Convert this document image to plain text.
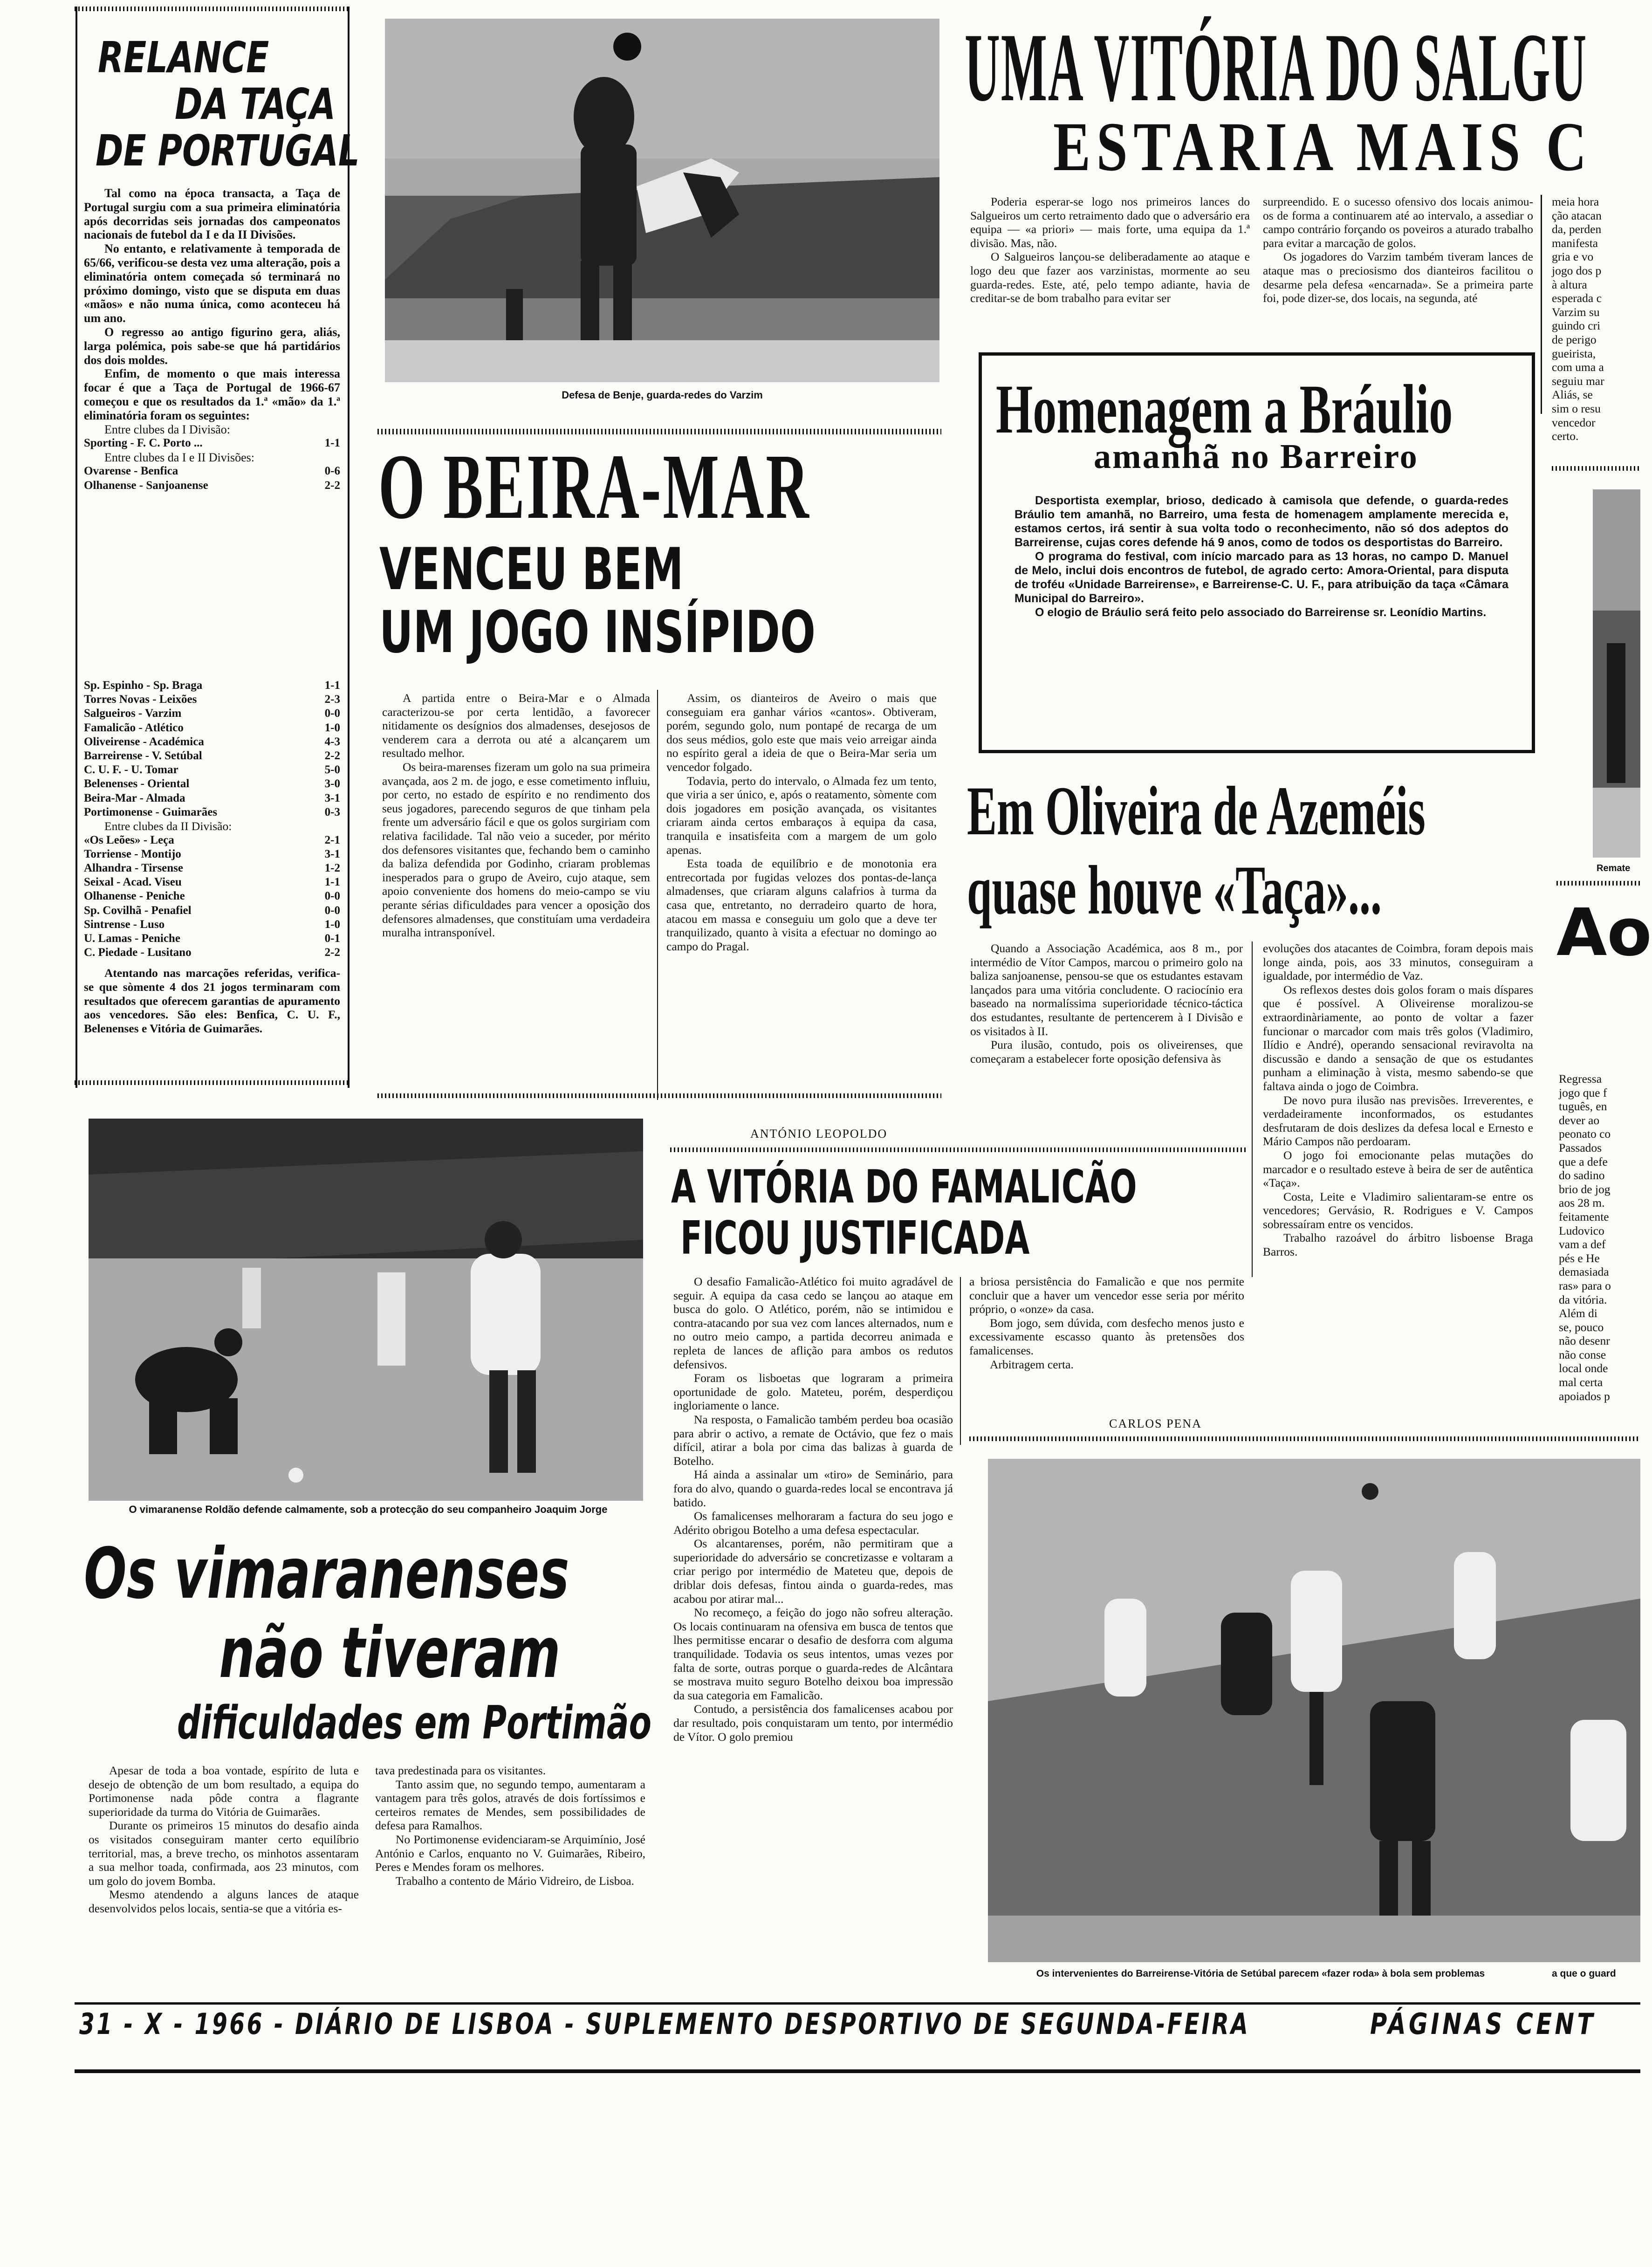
RELANCE
DA TAÇA
DE PORTUGAL

Tal como na época transacta, a Taça de Portugal surgiu com a sua primeira eliminatória após decorridas seis jornadas dos campeonatos nacionais de futebol da I e da II Divisões.

No entanto, e relativamente à temporada de 65/66, verificou-se desta vez uma alteração, pois a eliminatória ontem começada só terminará no próximo domingo, visto que se disputa em duas «mãos» e não numa única, como aconteceu há um ano.

O regresso ao antigo figurino gera, aliás, larga polémica, pois sabe-se que há partidários dos dois moldes.

Enfim, de momento o que mais interessa focar é que a Taça de Portugal de 1966-67 começou e que os resultados da 1.ª «mão» da 1.ª eliminatória foram os seguintes:

Entre clubes da I Divisão:

Sporting - F. C. Porto ...	1-1

Entre clubes da I e II Divisões:

Ovarense - Benfica	0-6
Olhanense - Sanjoanense	2-2
Sp. Espinho - Sp. Braga	1-1
Torres Novas - Leixões	2-3
Salgueiros - Varzim	0-0
Famalicão - Atlético	1-0
Oliveirense - Académica	4-3
Barreirense - V. Setúbal	2-2
C. U. F. - U. Tomar	5-0
Belenenses - Oriental	3-0
Beira-Mar - Almada	3-1
Portimonense - Guimarães	0-3

Entre clubes da II Divisão:

«Os Leões» - Leça	2-1
Torriense - Montijo	3-1
Alhandra - Tirsense	1-2
Seixal - Acad. Viseu	1-1
Olhanense - Peniche	0-0
Sp. Covilhã - Penafiel	0-0
Sintrense - Luso	1-0
U. Lamas - Peniche	0-1
C. Piedade - Lusitano	2-2

Atentando nas marcações referidas, verifica-se que sòmente 4 dos 21 jogos terminaram com resultados que oferecem garantias de apuramento aos vencedores. São eles: Benfica, C. U. F., Belenenses e Vitória de Guimarães.

Defesa de Benje, guarda-redes do Varzim
O BEIRA-MAR
VENCEU BEM
UM JOGO INSÍPIDO

A partida entre o Beira-Mar e o Almada caracterizou-se por certa lentidão, a favorecer nitidamente os desígnios dos almadenses, desejosos de venderem cara a derrota ou até a alcançarem um resultado melhor.

Os beira-marenses fizeram um golo na sua primeira avançada, aos 2 m. de jogo, e esse cometimento influiu, por certo, no estado de espírito e no rendimento dos seus jogadores, parecendo seguros de que tinham pela frente um adversário fácil e que os golos surgiriam com relativa facilidade. Tal não veio a suceder, por mérito dos defensores visitantes que, fechando bem o caminho da baliza defendida por Godinho, criaram problemas inesperados para o grupo de Aveiro, cujo ataque, sem apoio conveniente dos homens do meio-campo se viu perante sérias dificuldades para vencer a oposição dos defensores almadenses, que constituíam uma verdadeira muralha intransponível.

Assim, os dianteiros de Aveiro o mais que conseguiam era ganhar vários «cantos». Obtiveram, porém, segundo golo, num pontapé de recarga de um dos seus médios, golo este que mais veio arreigar ainda no espírito geral a ideia de que o Beira-Mar seria um vencedor folgado.

Todavia, perto do intervalo, o Almada fez um tento, que viria a ser único, e, após o reatamento, sòmente com dois jogadores em posição avançada, os visitantes criaram ainda certos embaraços à equipa da casa, tranquila e insatisfeita com a margem de um golo apenas.

Esta toada de equilíbrio e de monotonia era entrecortada por fugidas velozes dos pontas-de-lança almadenses, que criaram alguns calafrios à turma da casa que, entretanto, no derradeiro quarto de hora, atacou em massa e conseguiu um golo que a deve ter tranquilizado, quanto à visita a efectuar no domingo ao campo do Pragal.

ANTÓNIO LEOPOLDO
UMA VITÓRIA DO SALGU
ESTARIA MAIS C

Poderia esperar-se logo nos primeiros lances do Salgueiros um certo retraimento dado que o adversário era equipa — «a priori» — mais forte, uma equipa da 1.ª divisão. Mas, não.

O Salgueiros lançou-se deliberadamente ao ataque e logo deu que fazer aos varzinistas, mormente ao seu guarda-redes. Este, até, pelo tempo adiante, havia de creditar-se de bom trabalho para evitar ser

surpreendido. E o sucesso ofensivo dos locais animou-os de forma a continuarem até ao intervalo, a assediar o campo contrário forçando os poveiros a aturado trabalho para evitar a marcação de golos.

Os jogadores do Varzim também tiveram lances de ataque mas o preciosismo dos dianteiros facilitou o desarme pela defesa «encarnada». Se a primeira parte foi, pode dizer-se, dos locais, na segunda, até

meia hora
ção atacan
da, perden
manifesta
gria e vo
jogo dos p
à altura
esperada c
Varzim su
guindo cri
de perigo
gueirista,
com uma a
seguiu mar
Aliás, se
sim o resu
vencedor
certo.
Homenagem a Bráulio
amanhã no Barreiro

Desportista exemplar, brioso, dedicado à camisola que defende, o guarda-redes Bráulio tem amanhã, no Barreiro, uma festa de homenagem amplamente merecida e, estamos certos, irá sentir à sua volta todo o reconhecimento, não só dos adeptos do Barreirense, cujas cores defende há 9 anos, como de todos os desportistas do Barreiro.

O programa do festival, com início marcado para as 13 horas, no campo D. Manuel de Melo, inclui dois encontros de futebol, de agrado certo: Amora-Oriental, para disputa de troféu «Unidade Barreirense», e Barreirense-C. U. F., para atribuição da taça «Câmara Municipal do Barreiro».

O elogio de Bráulio será feito pelo associado do Barreirense sr. Leonídio Martins.

Em Oliveira de Azeméis
quase houve «Taça»...

Quando a Associação Académica, aos 8 m., por intermédio de Vítor Campos, marcou o primeiro golo na baliza sanjoanense, pensou-se que os estudantes estavam lançados para uma vitória concludente. O raciocínio era baseado na normalíssima superioridade técnico-táctica dos estudantes, resultante de pertencerem à I Divisão e os visitados à II.

Pura ilusão, contudo, pois os oliveirenses, que começaram a estabelecer forte oposição defensiva às

evoluções dos atacantes de Coimbra, foram depois mais longe ainda, pois, aos 33 minutos, conseguiram a igualdade, por intermédio de Vaz.

Os reflexos destes dois golos foram o mais díspares que é possível. A Oliveirense moralizou-se extraordinàriamente, ao ponto de voltar a fazer funcionar o marcador com mais três golos (Vladimiro, Ilídio e André), operando sensacional reviravolta na discussão e dando a sensação de que os estudantes punham a eliminação à vista, mesmo sabendo-se que faltava ainda o jogo de Coimbra.

De novo pura ilusão nas previsões. Irreverentes, e verdadeiramente inconformados, os estudantes desfrutaram de dois deslizes da defesa local e Ernesto e Mário Campos não perdoaram.

O jogo foi emocionante pelas mutações do marcador e o resultado esteve à beira de ser de autêntica «Taça».

Costa, Leite e Vladimiro salientaram-se entre os vencedores; Gervásio, R. Rodrigues e V. Campos sobressaíram entre os vencidos.

Trabalho razoável do árbitro lisboense Braga Barros.

Remate
Ao
Regressa
jogo que f
tuguês, en
dever ao
peonato co
Passados
que a defe
do sadino
brio de jog
aos 28 m.
feitamente
Ludovico
vam a def
pés e He
demasiada
ras» para o
da vitória.
Além di
se, pouco
não desenr
não conse
local onde
mal certa
apoiados p
O vimaranense Roldão defende calmamente, sob a protecção do seu companheiro Joaquim Jorge
Os vimaranenses
não tiveram
dificuldades em Portimão

Apesar de toda a boa vontade, espírito de luta e desejo de obtenção de um bom resultado, a equipa do Portimonense nada pôde contra a flagrante superioridade da turma do Vitória de Guimarães.

Durante os primeiros 15 minutos do desafio ainda os visitados conseguiram manter certo equilíbrio territorial, mas, a breve trecho, os minhotos assentaram a sua melhor toada, confirmada, aos 23 minutos, com um golo do jovem Bomba.

Mesmo atendendo a alguns lances de ataque desenvolvidos pelos locais, sentia-se que a vitória es-

tava predestinada para os visitantes.

Tanto assim que, no segundo tempo, aumentaram a vantagem para três golos, através de dois fortíssimos e certeiros remates de Mendes, sem possibilidades de defesa para Ramalhos.

No Portimonense evidenciaram-se Arquimínio, José António e Carlos, enquanto no V. Guimarães, Ribeiro, Peres e Mendes foram os melhores.

Trabalho a contento de Mário Vidreiro, de Lisboa.

A VITÓRIA DO FAMALICÃO
FICOU JUSTIFICADA

O desafio Famalicão-Atlético foi muito agradável de seguir. A equipa da casa cedo se lançou ao ataque em busca do golo. O Atlético, porém, não se intimidou e contra-atacando por sua vez com lances alternados, num e no outro meio campo, a partida decorreu animada e repleta de lances de aflição para ambos os redutos defensivos.

Foram os lisboetas que lograram a primeira oportunidade de golo. Mateteu, porém, desperdiçou ingloriamente o lance.

Na resposta, o Famalicão também perdeu boa ocasião para abrir o activo, a remate de Octávio, que fez o mais difícil, atirar a bola por cima das balizas à guarda de Botelho.

Há ainda a assinalar um «tiro» de Seminário, para fora do alvo, quando o guarda-redes local se encontrava já batido.

Os famalicenses melhoraram a factura do seu jogo e Adérito obrigou Botelho a uma defesa espectacular.

Os alcantarenses, porém, não permitiram que a superioridade do adversário se concretizasse e voltaram a criar perigo por intermédio de Mateteu que, depois de driblar dois defesas, fintou ainda o guarda-redes, mas acabou por atirar mal...

No recomeço, a feição do jogo não sofreu alteração. Os locais continuaram na ofensiva em busca de tentos que lhes permitisse encarar o desafio de desforra com alguma tranquilidade. Todavia os seus intentos, umas vezes por falta de sorte, outras porque o guarda-redes de Alcântara se mostrava muito seguro Botelho deixou boa impressão da sua categoria em Famalicão.

Contudo, a persistência dos famalicenses acabou por dar resultado, pois conquistaram um tento, por intermédio de Vítor. O golo premiou

a briosa persistência do Famalicão e que nos permite concluir que a haver um vencedor esse seria por mérito próprio, o «onze» da casa.

Bom jogo, sem dúvida, com desfecho menos justo e excessivamente escasso quanto às pretensões dos famalicenses.

Arbitragem certa.

CARLOS PENA
Os intervenientes do Barreirense-Vitória de Setúbal parecem «fazer roda» à bola sem problemas	a que o guard
31 - X - 1966 - DIÁRIO DE LISBOA - SUPLEMENTO DESPORTIVO DE SEGUNDA-FEIRA	PÁGINAS CENT
